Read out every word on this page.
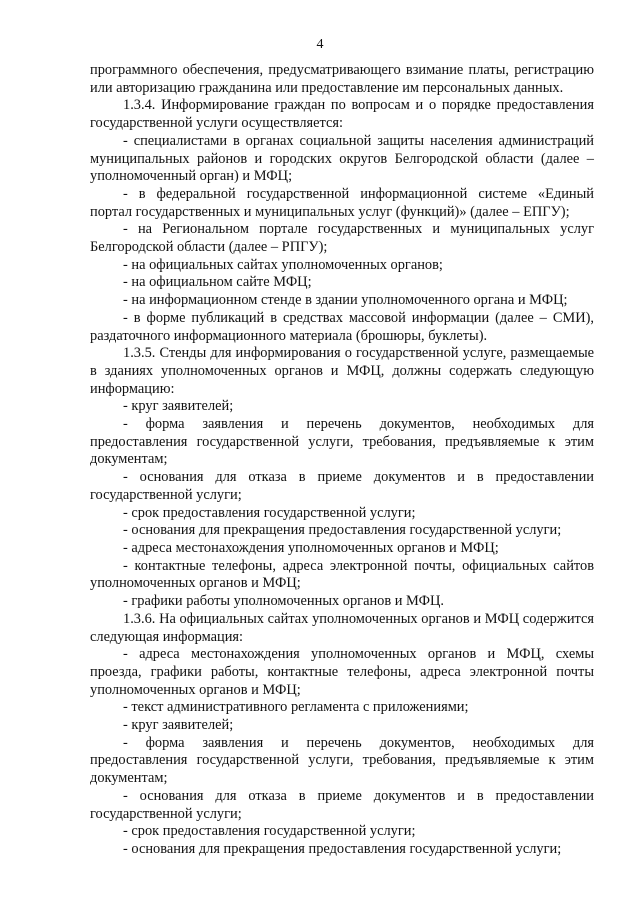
4

программного обеспечения, предусматривающего взимание платы, регистрацию или авторизацию гражданина или предоставление им персональных данных.

1.3.4. Информирование граждан по вопросам и о порядке предоставления государственной услуги осуществляется:

- специалистами в органах социальной защиты населения администраций муниципальных районов и городских округов Белгородской области (далее – уполномоченный орган) и МФЦ;

- в федеральной государственной информационной системе «Единый портал государственных и муниципальных услуг (функций)» (далее – ЕПГУ);

- на Региональном портале государственных и муниципальных услуг Белгородской области (далее – РПГУ);

- на официальных сайтах уполномоченных органов;

- на официальном сайте МФЦ;

- на информационном стенде в здании уполномоченного органа и МФЦ;

- в форме публикаций в средствах массовой информации (далее – СМИ), раздаточного информационного материала (брошюры, буклеты).

1.3.5. Стенды для информирования о государственной услуге, размещаемые в зданиях уполномоченных органов и МФЦ, должны содержать следующую информацию:

- круг заявителей;

- форма заявления и перечень документов, необходимых для предоставления государственной услуги, требования, предъявляемые к этим документам;

- основания для отказа в приеме документов и в предоставлении государственной услуги;

- срок предоставления государственной услуги;

- основания для прекращения предоставления государственной услуги;

- адреса местонахождения уполномоченных органов и МФЦ;

- контактные телефоны, адреса электронной почты, официальных сайтов уполномоченных органов и МФЦ;

- графики работы уполномоченных органов и МФЦ.

1.3.6. На официальных сайтах уполномоченных органов и МФЦ содержится следующая информация:

- адреса местонахождения уполномоченных органов и МФЦ, схемы проезда, графики работы, контактные телефоны, адреса электронной почты уполномоченных органов и МФЦ;

- текст административного регламента с приложениями;

- круг заявителей;

- форма заявления и перечень документов, необходимых для предоставления государственной услуги, требования, предъявляемые к этим документам;

- основания для отказа в приеме документов и в предоставлении государственной услуги;

- срок предоставления государственной услуги;

- основания для прекращения предоставления государственной услуги;
